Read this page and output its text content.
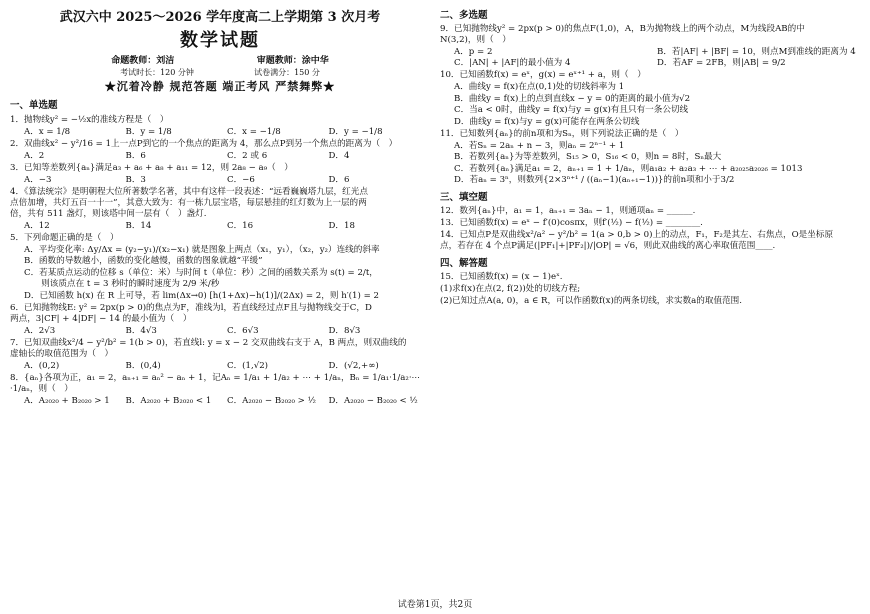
武汉六中 2025～2026 学年度高二上学期第 3 次月考
数学试题
命题教师：刘洁	审题教师：涂中华
考试时长：120 分钟	试卷满分：150 分
★沉着冷静 规范答题 端正考风 严禁舞弊★
一、单选题
1．抛物线y² = −½x的准线方程是（　）
A．x = 1/8	B．y = 1/8	C．x = −1/8	D．y = −1/8
2．双曲线x² − y²/16 = 1上一点P到它的一个焦点的距离为 4，那么点P到另一个焦点的距离为（　）
A．2	B．6	C．2 或 6	D．4
3．已知等差数列{aₙ}满足a₃ + a₆ + a₈ + a₁₁ = 12，则 2a₈ − a₉（　）
A．−3	B．3	C．−6	D．6
4．《算法统宗》是明朝程大位所著数学名著，其中有这样一段表述：“远看巍巍塔九层，红光点
点倍加增，共灯五百一十一”，其意大致为：有一栋九层宝塔，每层悬挂的红灯数为上一层的两
倍，共有 511 盏灯，则该塔中间一层有（　）盏灯.
A．12	B．14	C．16	D．18
5．下列命题正确的是（　）
A．平均变化率: Δy/Δx = (y₂−y₁)/(x₂−x₁) 就是图象上两点（x₁，y₁），（x₂，y₂）连线的斜率
B．函数的导数越小，函数的变化越慢，函数的图象就越“平缓”
C．若某质点运动的位移 s（单位：米）与时间 t（单位：秒）之间的函数关系为 s(t) = 2/t，
　　则该质点在 t = 3 秒时的瞬时速度为 2/9 米/秒
D．已知函数 h(x) 在 R 上可导，若 lim(Δx→0) [h(1+Δx)−h(1)]/(2Δx) = 2，则 h′(1) = 2
6．已知抛物线E: y² = 2px(p > 0)的焦点为F，准线为l，若直线经过点F且与抛物线交于C，D
两点，3|CF| + 4|DF| − 14 的最小值为（　）
A．2√3	B．4√3	C．6√3	D．8√3
7．已知双曲线x²/4 − y²/b² = 1(b > 0)，若直线l: y = x − 2 交双曲线右支于 A，B 两点，则双曲线的
虚轴长的取值范围为（　）
A．(0,2)	B．(0,4)	C．(1,√2)	D．(√2,+∞)
8．{aₙ}各项为正，a₁ = 2，aₙ₊₁ = aₙ² − aₙ + 1，记Aₙ = 1/a₁ + 1/a₂ + ⋯ + 1/aₙ，Bₙ = 1/a₁·1/a₂·⋯·1/aₙ，则（　）
A．A₂₀₂₀ + B₂₀₂₀ > 1	B．A₂₀₂₀ + B₂₀₂₀ < 1	C．A₂₀₂₀ − B₂₀₂₀ > ½	D．A₂₀₂₀ − B₂₀₂₀ < ½
二、多选题
9．已知抛物线y² = 2px(p > 0)的焦点F(1,0)，A，B为抛物线上的两个动点，M为线段AB的中
N(3,2)，则（　）
A．p = 2	B．若|AF| + |BF| = 10，则点M到准线的距离为 4
C．|AN| + |AF|的最小值为 4	D．若AF = 2FB，则|AB| = 9/2
10．已知函数f(x) = eˣ，g(x) = eˣ⁺¹ + a，则（　）
A．曲线y = f(x)在点(0,1)处的切线斜率为 1
B．曲线y = f(x)上的点到直线x − y = 0的距离的最小值为√2
C．当a < 0时，曲线y = f(x)与y = g(x)有且只有一条公切线
D．曲线y = f(x)与y = g(x)可能存在两条公切线
11．已知数列{aₙ}的前n项和为Sₙ，则下列说法正确的是（　）
A．若Sₙ = 2aₙ + n − 3，则aₙ = 2ⁿ⁻¹ + 1
B．若数列{aₙ}为等差数列，S₁₅ > 0，S₁₆ < 0，则n = 8时，Sₙ最大
C．若数列{aₙ}满足a₁ = 2，aₙ₊₁ = 1 + 1/aₙ，则a₁a₂ + a₂a₃ + ⋯ + a₂₀₂₅a₂₀₂₆ = 1013
D．若aₙ = 3ⁿ，则数列{2×3ⁿ⁺¹ / ((aₙ−1)(aₙ₊₁−1))}的前n项和小于3/2
三、填空题
12．数列{aₙ}中，a₁ = 1，aₙ₊₁ = 3aₙ − 1，则通项aₙ = ______.
13．已知函数f(x) = eˣ − f′(0)cosπx，则f′(½) − f(½) = ________.
14．已知点P是双曲线x²/a² − y²/b² = 1(a > 0,b > 0)上的动点，F₁，F₂是其左、右焦点，O是坐标原
点，若存在 4 个点P满足(|PF₁|+|PF₂|)/|OP| = √6，则此双曲线的离心率取值范围____.
四、解答题
15．已知函数f(x) = (x − 1)eˣ.
(1)求f(x)在点(2, f(2))处的切线方程;
(2)已知过点A(a, 0)，a ∈ R，可以作函数f(x)的两条切线，求实数a的取值范围.
试卷第1页，共2页
